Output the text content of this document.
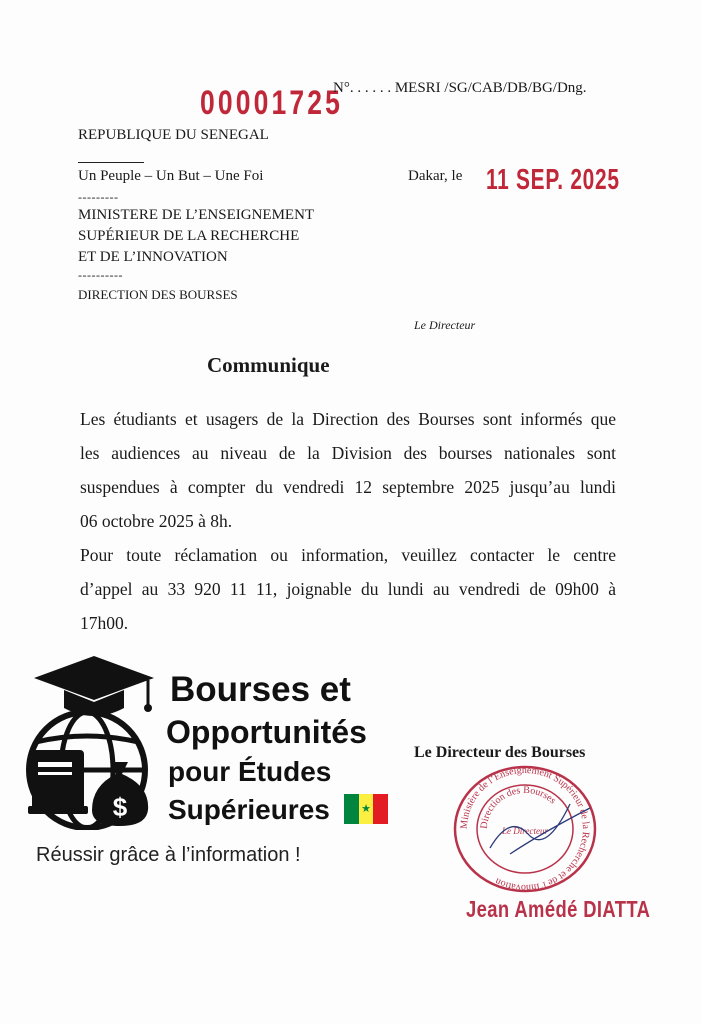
00001725
N°. . . . . . MESRI /SG/CAB/DB/BG/Dng.
REPUBLIQUE DU SENEGAL
Un Peuple – Un But – Une Foi
---------
MINISTERE DE L’ENSEIGNEMENT
SUPÉRIEUR DE LA RECHERCHE
ET DE L’INNOVATION
----------
DIRECTION DES BOURSES
Dakar, le 11 SEP. 2025
Le Directeur
Communique
Les étudiants et usagers de la Direction des Bourses sont informés que
les audiences au niveau de la Division des bourses nationales sont
suspendues à compter du vendredi 12 septembre 2025 jusqu’au lundi
06 octobre 2025 à 8h.
Pour toute réclamation ou information, veuillez contacter le centre
d’appel au 33 920 11 11, joignable du lundi au vendredi de 09h00 à
17h00.
$
Bourses et
Opportunités
pour Études
Supérieures	★
Réussir grâce à l’information !
Le Directeur des Bourses
Ministère de l’Enseignement Supérieur de la Recherche et de l’Innovation
Direction des Bourses
Le Directeur
Jean Amédé DIATTA
